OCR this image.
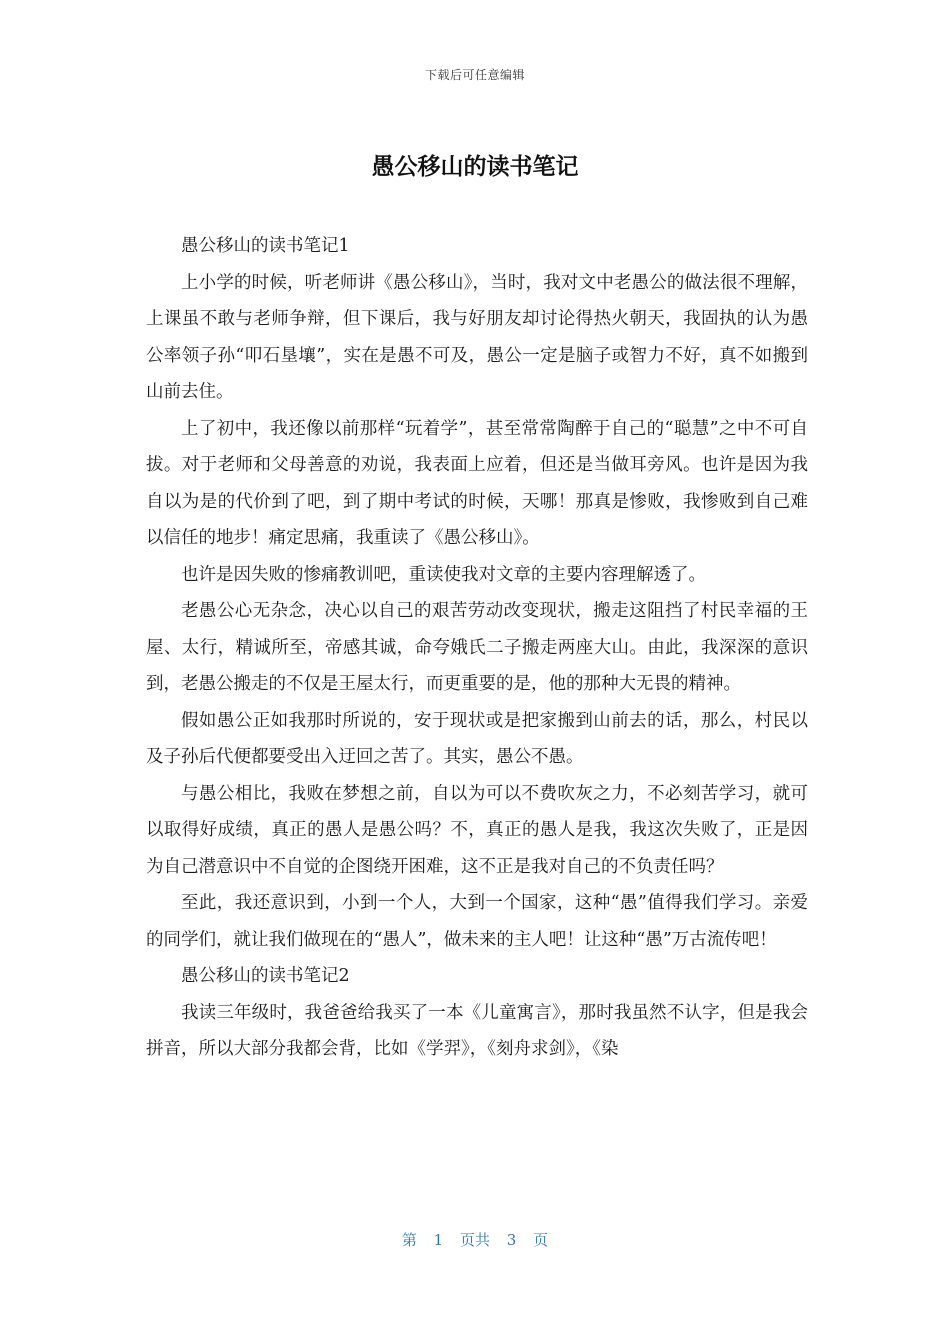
下载后可任意编辑
愚公移山的读书笔记

愚公移山的读书笔记1

上小学的时候，听老师讲《愚公移山》，当时，我对文中老愚公的做法很不理解，上课虽不敢与老师争辩，但下课后，我与好朋友却讨论得热火朝天，我固执的认为愚公率领子孙“叩石垦壤”，实在是愚不可及，愚公一定是脑子或智力不好，真不如搬到山前去住。

上了初中，我还像以前那样“玩着学”，甚至常常陶醉于自己的“聪慧”之中不可自拔。对于老师和父母善意的劝说，我表面上应着，但还是当做耳旁风。也许是因为我自以为是的代价到了吧，到了期中考试的时候，天哪！那真是惨败，我惨败到自己难以信任的地步！痛定思痛，我重读了《愚公移山》。

也许是因失败的惨痛教训吧，重读使我对文章的主要内容理解透了。

老愚公心无杂念，决心以自己的艰苦劳动改变现状，搬走这阻挡了村民幸福的王屋、太行，精诚所至，帝感其诚，命夸娥氏二子搬走两座大山。由此，我深深的意识到，老愚公搬走的不仅是王屋太行，而更重要的是，他的那种大无畏的精神。

假如愚公正如我那时所说的，安于现状或是把家搬到山前去的话，那么，村民以及子孙后代便都要受出入迂回之苦了。其实，愚公不愚。

与愚公相比，我败在梦想之前，自以为可以不费吹灰之力，不必刻苦学习，就可以取得好成绩，真正的愚人是愚公吗？不，真正的愚人是我，我这次失败了，正是因为自己潜意识中不自觉的企图绕开困难，这不正是我对自己的不负责任吗？

至此，我还意识到，小到一个人，大到一个国家，这种“愚”值得我们学习。亲爱的同学们，就让我们做现在的“愚人”，做未来的主人吧！让这种“愚”万古流传吧！

愚公移山的读书笔记2

我读三年级时，我爸爸给我买了一本《儿童寓言》，那时我虽然不认字，但是我会拼音，所以大部分我都会背，比如《学羿》，《刻舟求剑》，《染

第 1 页共 3 页
